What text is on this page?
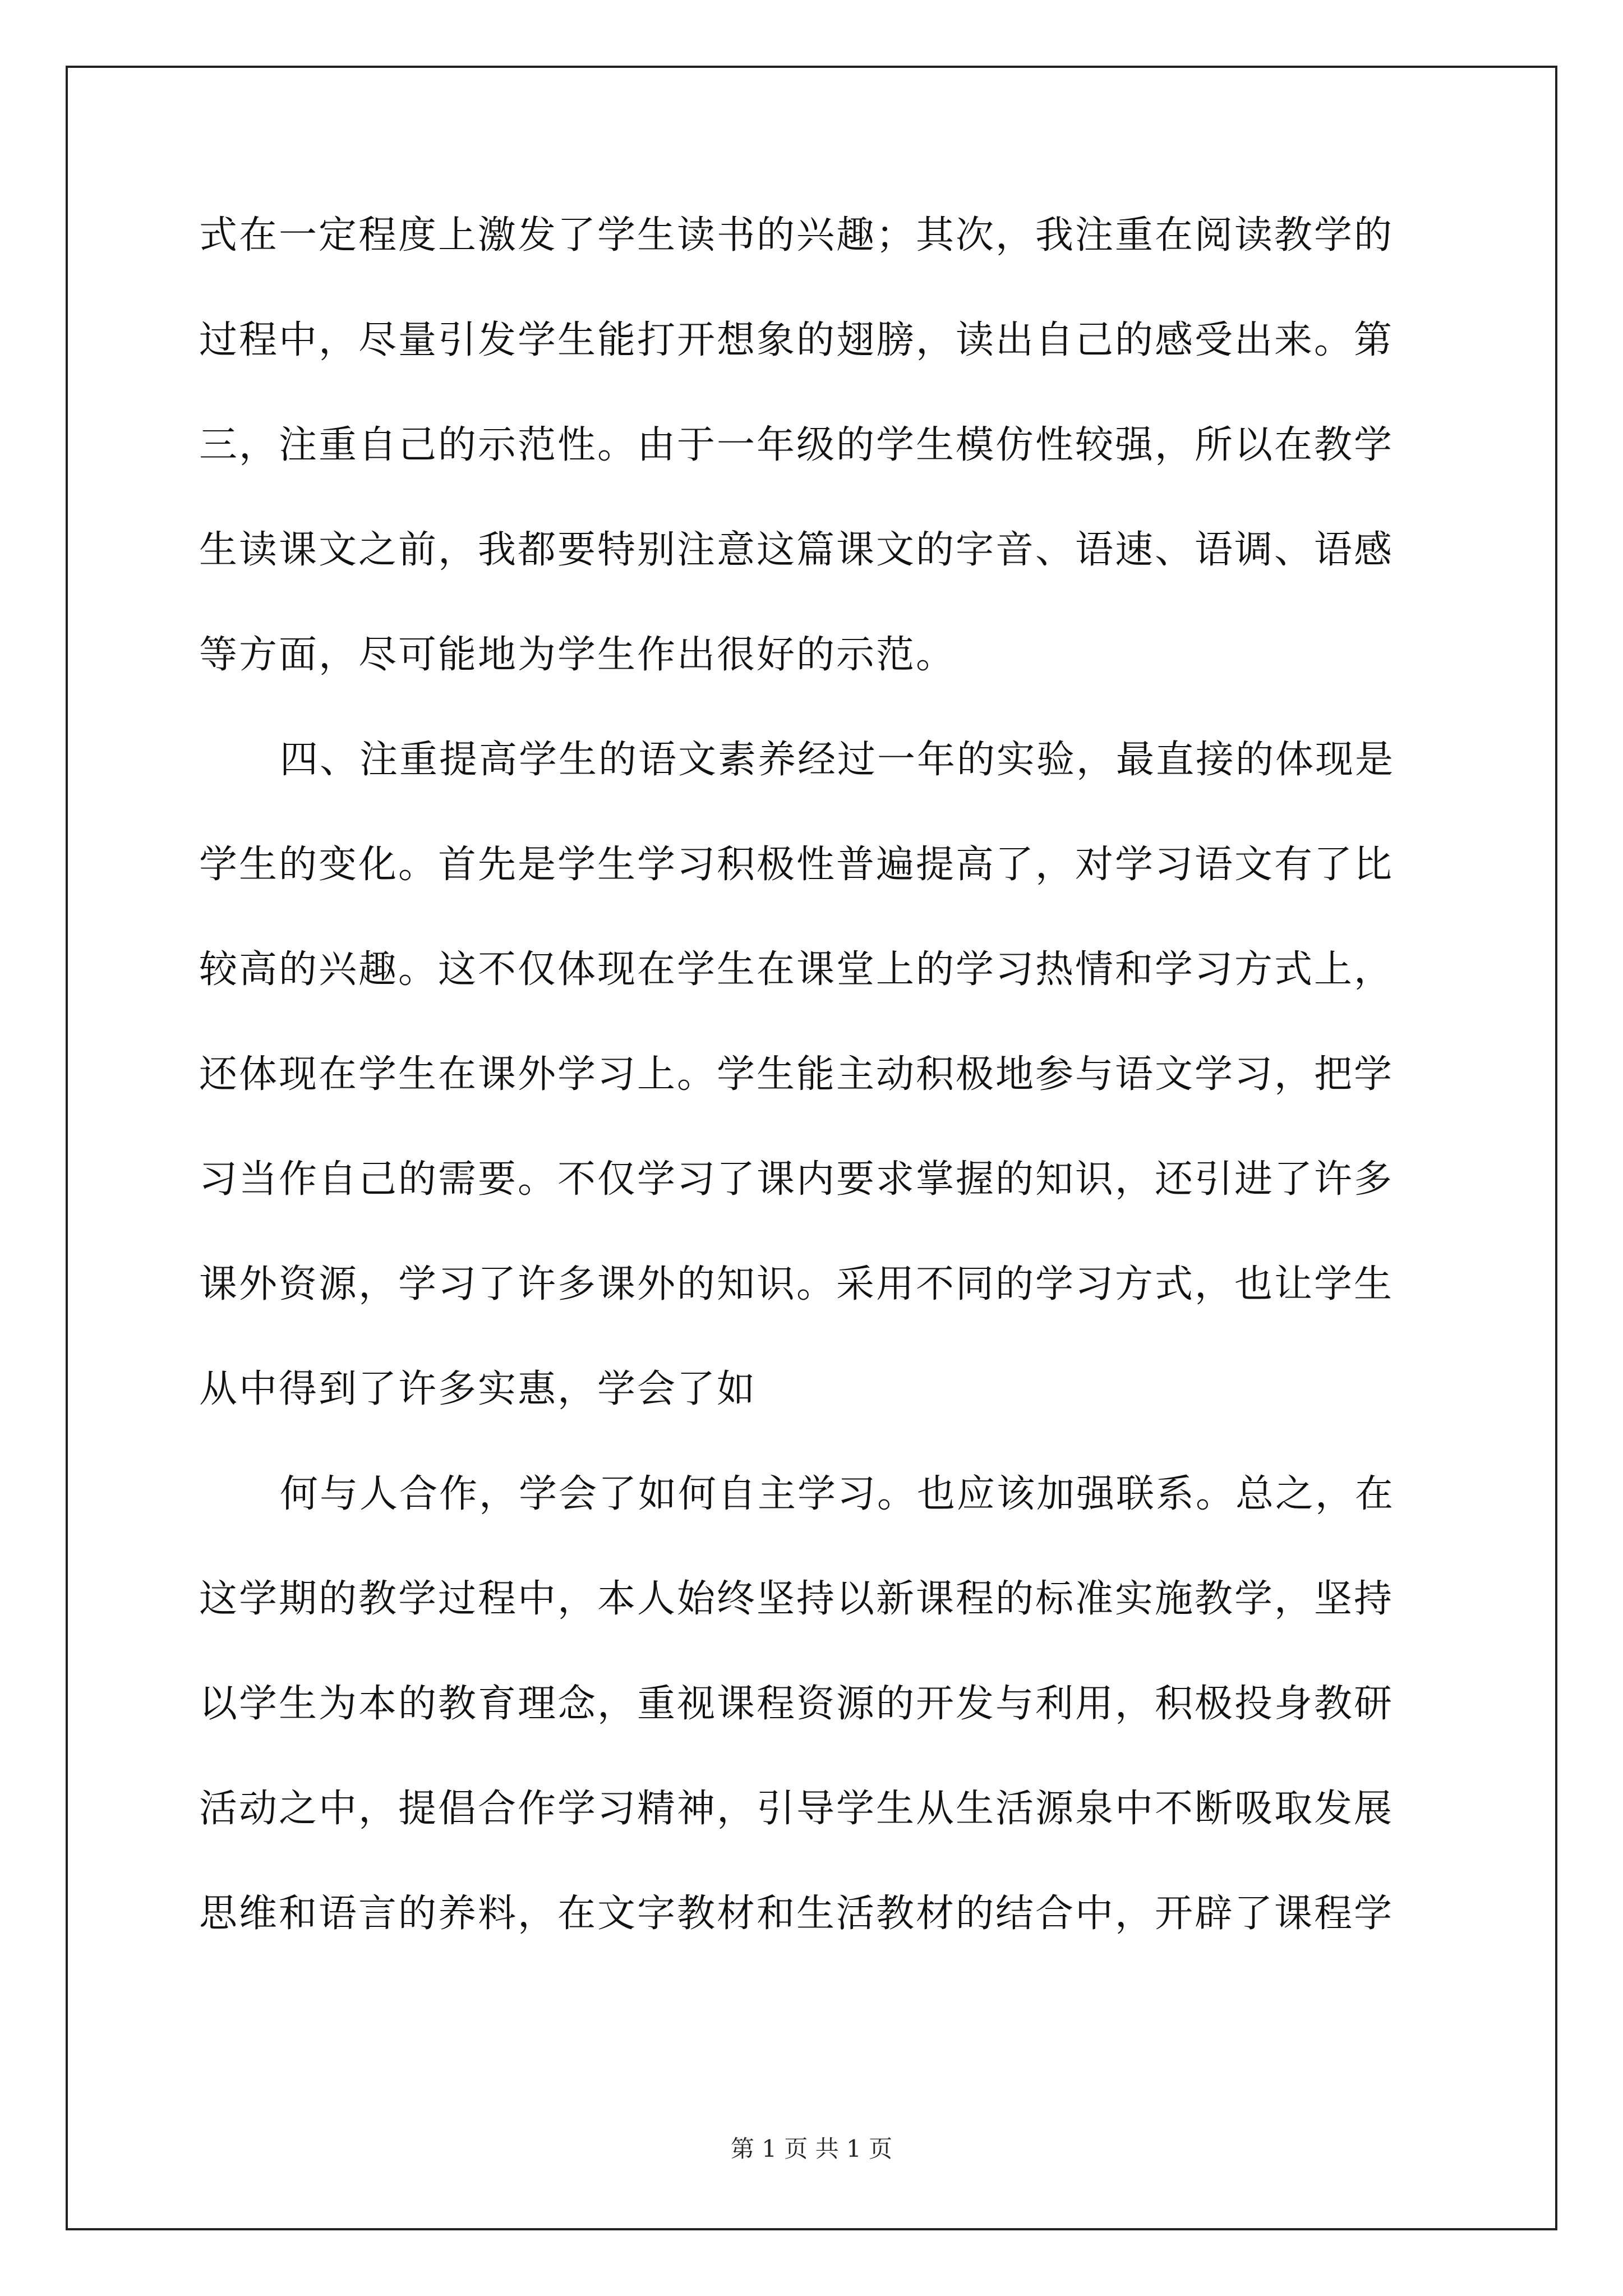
式在一定程度上激发了学生读书的兴趣；其次，我注重在阅读教学的
过程中，尽量引发学生能打开想象的翅膀，读出自己的感受出来。第
三，注重自己的示范性。由于一年级的学生模仿性较强，所以在教学
生读课文之前，我都要特别注意这篇课文的字音、语速、语调、语感
等方面，尽可能地为学生作出很好的示范。
四、注重提高学生的语文素养经过一年的实验，最直接的体现是
学生的变化。首先是学生学习积极性普遍提高了，对学习语文有了比
较高的兴趣。这不仅体现在学生在课堂上的学习热情和学习方式上，
还体现在学生在课外学习上。学生能主动积极地参与语文学习，把学
习当作自己的需要。不仅学习了课内要求掌握的知识，还引进了许多
课外资源，学习了许多课外的知识。采用不同的学习方式，也让学生
从中得到了许多实惠，学会了如
何与人合作，学会了如何自主学习。也应该加强联系。总之，在
这学期的教学过程中，本人始终坚持以新课程的标准实施教学，坚持
以学生为本的教育理念，重视课程资源的开发与利用，积极投身教研
活动之中，提倡合作学习精神，引导学生从生活源泉中不断吸取发展
思维和语言的养料，在文字教材和生活教材的结合中，开辟了课程学
第 1 页 共 1 页
